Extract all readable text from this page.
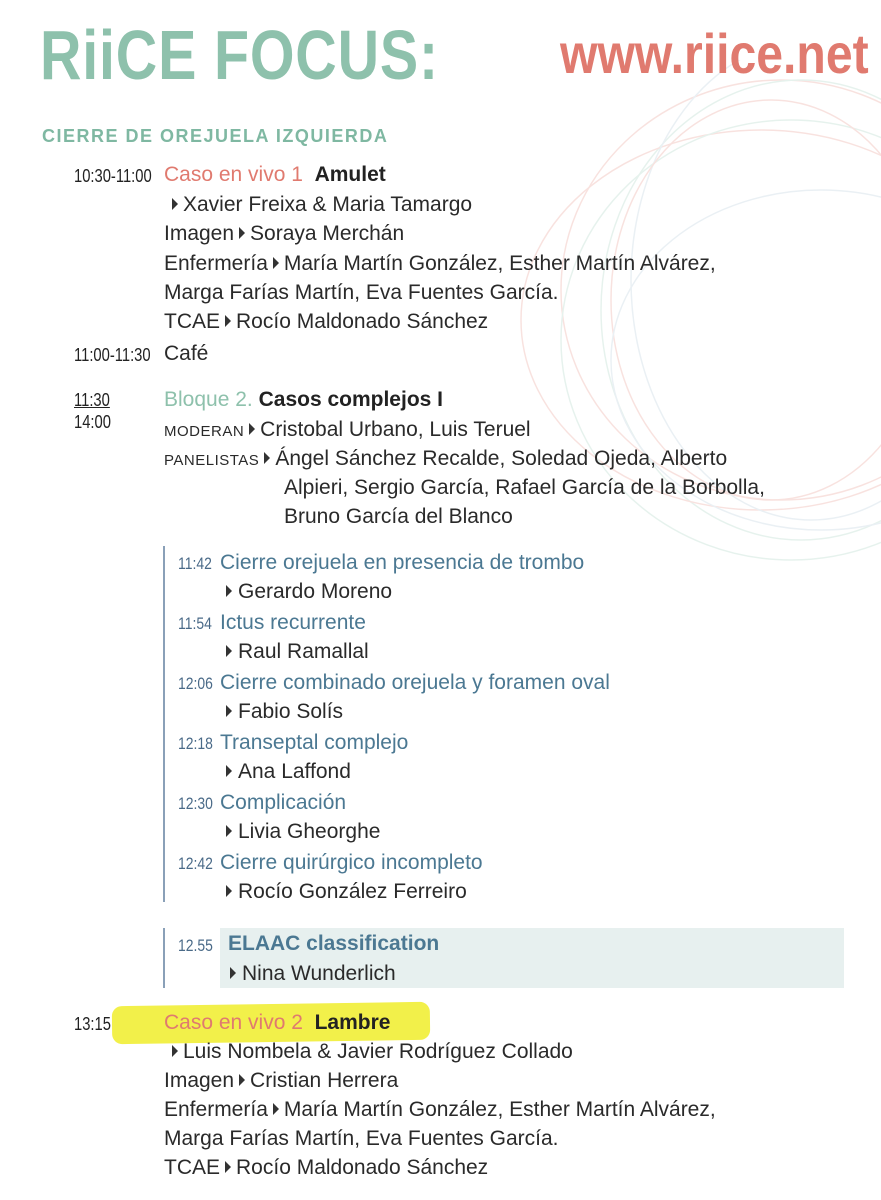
RiiCE FOCUS: www.riice.net
CIERRE DE OREJUELA IZQUIERDA
10:30-11:00 Caso en vivo 1 Amulet
Xavier Freixa & Maria Tamargo
Imagen Soraya Merchán
Enfermería María Martín González, Esther Martín Alvárez,
Marga Farías Martín, Eva Fuentes García.
TCAE Rocío Maldonado Sánchez
11:00-11:30 Café
11:30
14:00
Bloque 2. Casos complejos I
MODERAN Cristobal Urbano, Luis Teruel
PANELISTAS Ángel Sánchez Recalde, Soledad Ojeda, Alberto
Alpieri, Sergio García, Rafael García de la Borbolla,
Bruno García del Blanco
11:42 Cierre orejuela en presencia de trombo
Gerardo Moreno
11:54 Ictus recurrente
Raul Ramallal
12:06 Cierre combinado orejuela y foramen oval
Fabio Solís
12:18 Transeptal complejo
Ana Laffond
12:30 Complicación
Livia Gheorghe
12:42 Cierre quirúrgico incompleto
Rocío González Ferreiro
12.55 ELAAC classification
Nina Wunderlich
13:15	Caso en vivo 2 Lambre
Luis Nombela & Javier Rodríguez Collado
Imagen Cristian Herrera
Enfermería María Martín González, Esther Martín Alvárez,
Marga Farías Martín, Eva Fuentes García.
TCAE Rocío Maldonado Sánchez
